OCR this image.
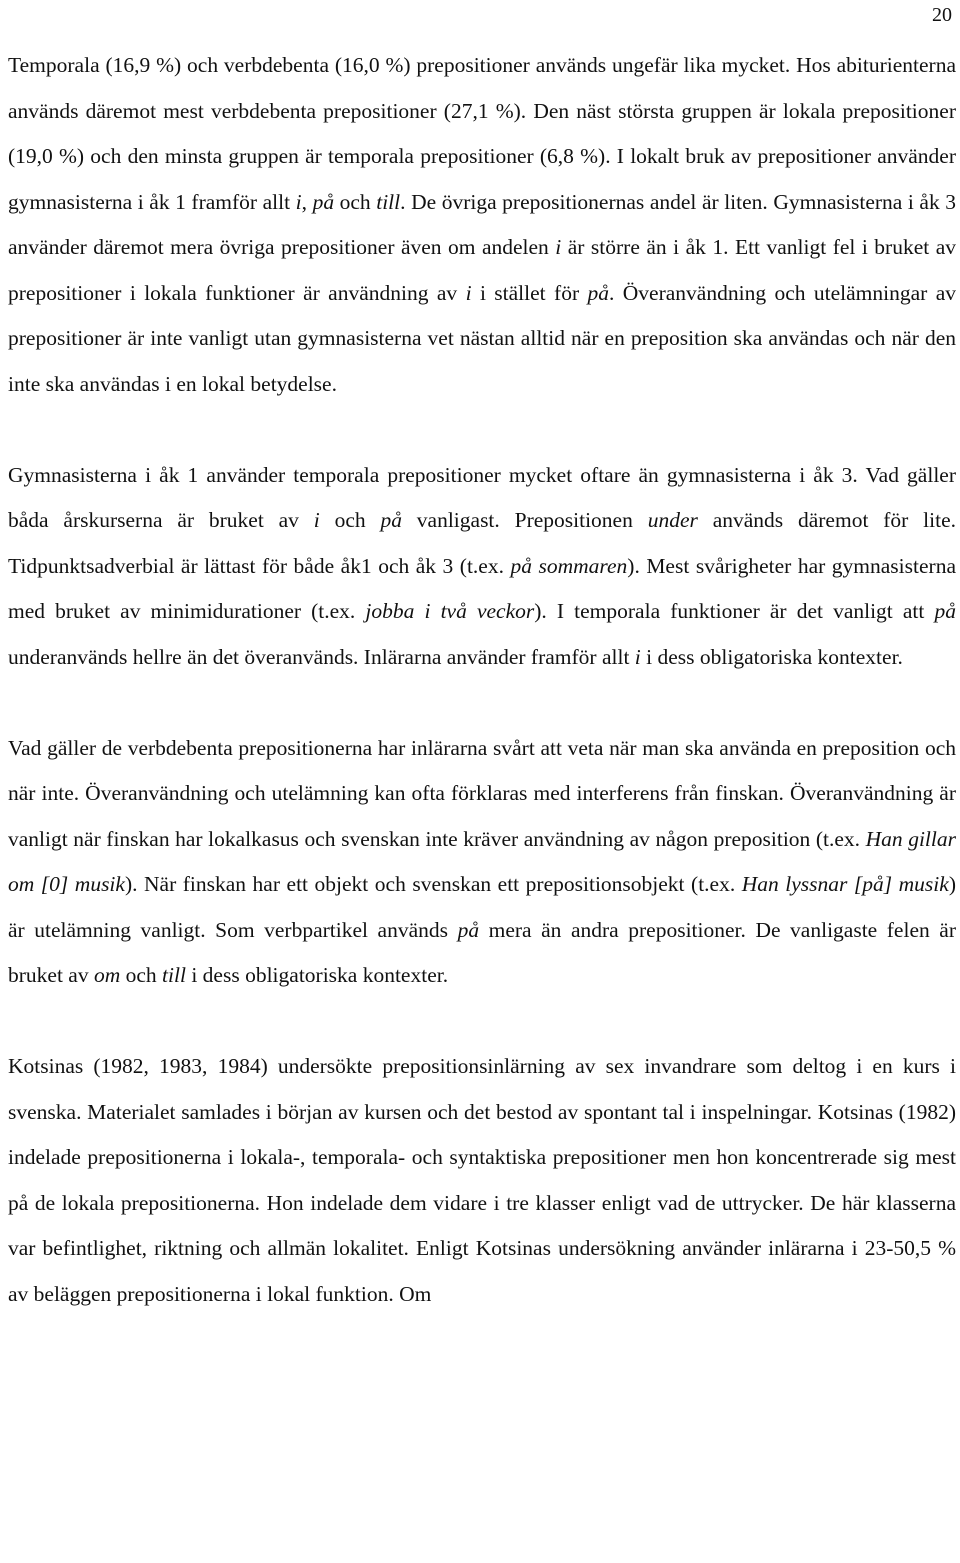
20

Temporala (16,9 %) och verbdebenta (16,0 %) prepositioner används ungefär lika mycket. Hos abiturienterna används däremot mest verbdebenta prepositioner (27,1 %). Den näst största gruppen är lokala prepositioner (19,0 %) och den minsta gruppen är temporala prepositioner (6,8 %). I lokalt bruk av prepositioner använder gymnasisterna i åk 1 framför allt i, på och till. De övriga prepositionernas andel är liten. Gymnasisterna i åk 3 använder däremot mera övriga prepositioner även om andelen i är större än i åk 1. Ett vanligt fel i bruket av prepositioner i lokala funktioner är användning av i i stället för på. Överanvändning och utelämningar av prepositioner är inte vanligt utan gymnasisterna vet nästan alltid när en preposition ska användas och när den inte ska användas i en lokal betydelse.

Gymnasisterna i åk 1 använder temporala prepositioner mycket oftare än gymnasisterna i åk 3. Vad gäller båda årskurserna är bruket av i och på vanligast. Prepositionen under används däremot för lite. Tidpunktsadverbial är lättast för både åk1 och åk 3 (t.ex. på sommaren). Mest svårigheter har gymnasisterna med bruket av minimidurationer (t.ex. jobba i två veckor). I temporala funktioner är det vanligt att på underanvänds hellre än det överanvänds. Inlärarna använder framför allt i i dess obligatoriska kontexter.

Vad gäller de verbdebenta prepositionerna har inlärarna svårt att veta när man ska använda en preposition och när inte. Överanvändning och utelämning kan ofta förklaras med interferens från finskan. Överanvändning är vanligt när finskan har lokalkasus och svenskan inte kräver användning av någon preposition (t.ex. Han gillar om [0] musik). När finskan har ett objekt och svenskan ett prepositionsobjekt (t.ex. Han lyssnar [på] musik) är utelämning vanligt. Som verbpartikel används på mera än andra prepositioner. De vanligaste felen är bruket av om och till i dess obligatoriska kontexter.

Kotsinas (1982, 1983, 1984) undersökte prepositionsinlärning av sex invandrare som deltog i en kurs i svenska. Materialet samlades i början av kursen och det bestod av spontant tal i inspelningar. Kotsinas (1982) indelade prepositionerna i lokala-, temporala- och syntaktiska prepositioner men hon koncentrerade sig mest på de lokala prepositionerna. Hon indelade dem vidare i tre klasser enligt vad de uttrycker. De här klasserna var befintlighet, riktning och allmän lokalitet. Enligt Kotsinas undersökning använder inlärarna i 23-50,5 % av beläggen prepositionerna i lokal funktion. Om
